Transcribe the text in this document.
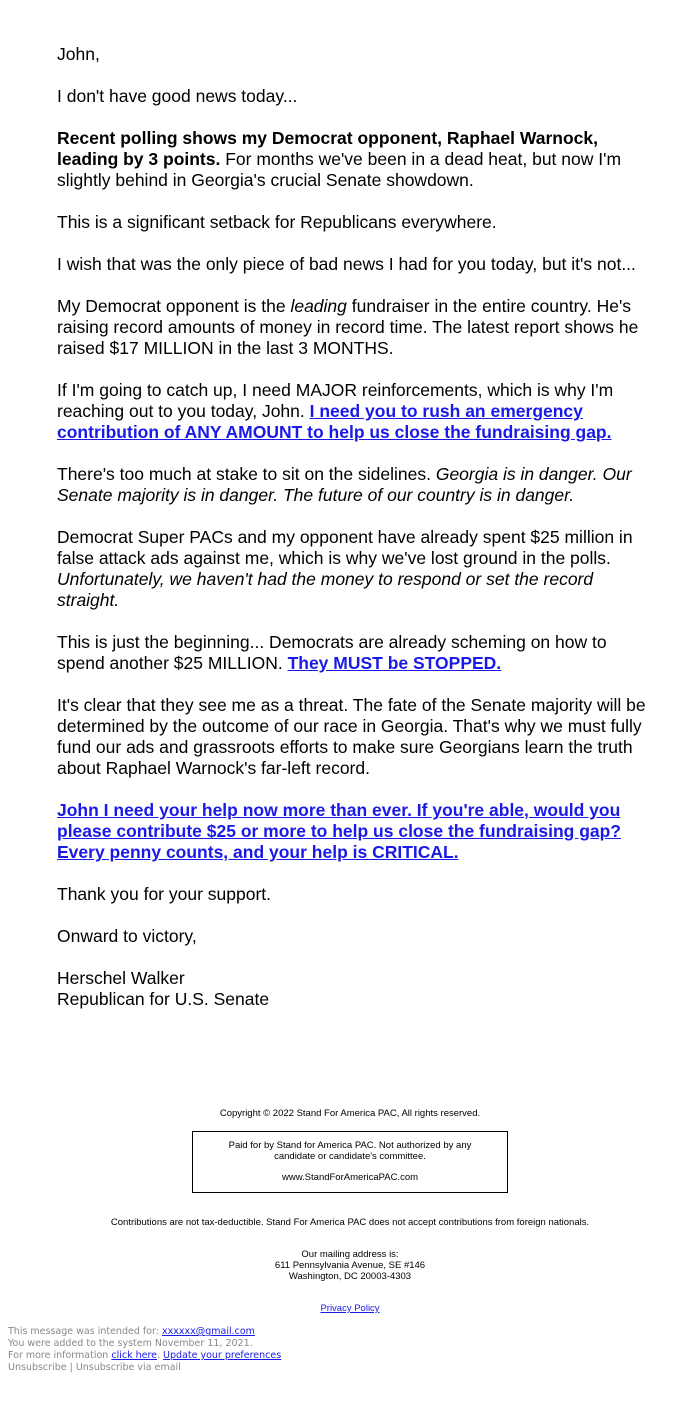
John,

I don't have good news today...

Recent polling shows my Democrat opponent, Raphael Warnock, leading by 3 points. For months we've been in a dead heat, but now I'm slightly behind in Georgia's crucial Senate showdown.

This is a significant setback for Republicans everywhere.

I wish that was the only piece of bad news I had for you today, but it's not...

My Democrat opponent is the leading fundraiser in the entire country. He's raising record amounts of money in record time. The latest report shows he raised $17 MILLION in the last 3 MONTHS.

If I'm going to catch up, I need MAJOR reinforcements, which is why I'm reaching out to you today, John. I need you to rush an emergency contribution of ANY AMOUNT to help us close the fundraising gap.

There's too much at stake to sit on the sidelines. Georgia is in danger. Our Senate majority is in danger. The future of our country is in danger.

Democrat Super PACs and my opponent have already spent $25 million in false attack ads against me, which is why we've lost ground in the polls. Unfortunately, we haven't had the money to respond or set the record straight.

This is just the beginning... Democrats are already scheming on how to spend another $25 MILLION. They MUST be STOPPED.

It's clear that they see me as a threat. The fate of the Senate majority will be determined by the outcome of our race in Georgia. That's why we must fully fund our ads and grassroots efforts to make sure Georgians learn the truth about Raphael Warnock's far-left record.

John I need your help now more than ever. If you're able, would you please contribute $25 or more to help us close the fundraising gap? Every penny counts, and your help is CRITICAL.

Thank you for your support.

Onward to victory,

Herschel Walker

Republican for U.S. Senate

Copyright © 2022 Stand For America PAC, All rights reserved.

Paid for by Stand for America PAC. Not authorized by any candidate or candidate's committee.

www.StandForAmericaPAC.com

Contributions are not tax-deductible. Stand For America PAC does not accept contributions from foreign nationals.

Our mailing address is:
611 Pennsylvania Avenue, SE #146
Washington, DC 20003-4303

Privacy Policy

This message was intended for: xxxxxx@gmail.com
You were added to the system November 11, 2021.
For more information click here. Update your preferences
Unsubscribe | Unsubscribe via email
